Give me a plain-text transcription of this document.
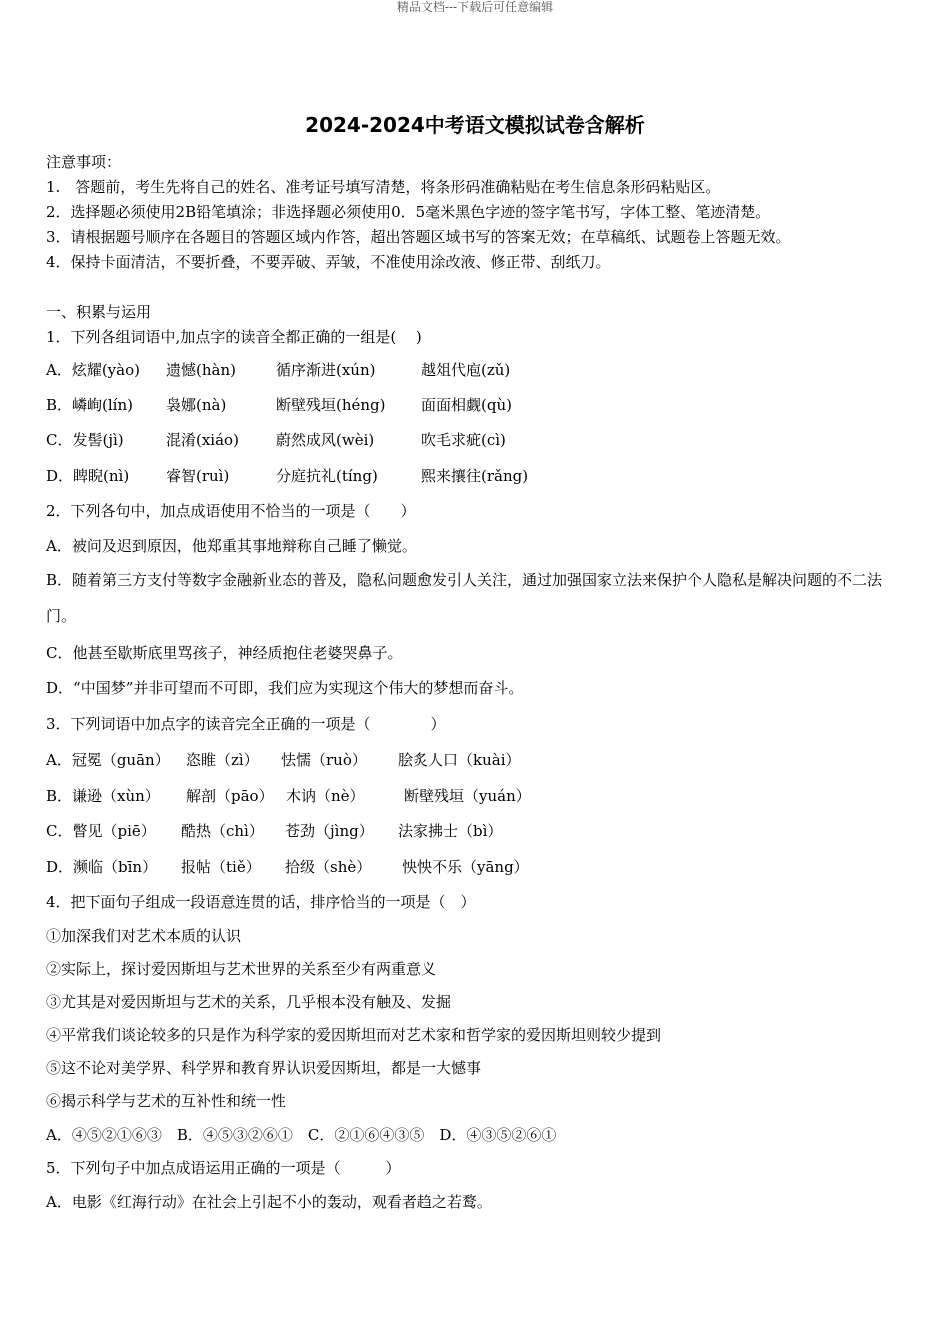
精品文档---下载后可任意编辑
2024-2024中考语文模拟试卷含解析
注意事项：
1.　答题前，考生先将自己的姓名、准考证号填写清楚，将条形码准确粘贴在考生信息条形码粘贴区。
2．选择题必须使用2B铅笔填涂；非选择题必须使用0．5毫米黑色字迹的签字笔书写，字体工整、笔迹清楚。
3．请根据题号顺序在各题目的答题区域内作答，超出答题区域书写的答案无效；在草稿纸、试题卷上答题无效。
4．保持卡面清洁，不要折叠，不要弄破、弄皱，不准使用涂改液、修正带、刮纸刀。
一、积累与运用
1．下列各组词语中,加点字的读音全都正确的一组是(　 )
A．炫耀(yào) 遗憾(hàn)	循序渐进(xún)	越俎代庖(zǔ)
B．嶙峋(lín) 袅娜(nà)	断壁残垣(héng) 面面相觑(qù)
C．发髻(jì)	混淆(xiáo) 蔚然成风(wèi)	吹毛求疵(cì)
D．睥睨(nì) 睿智(ruì)	分庭抗礼(tíng)	熙来攘往(rǎng)
2．下列各句中，加点成语使用不恰当的一项是（　　）
A．被问及迟到原因，他郑重其事地辩称自己睡了懒觉。
B．随着第三方支付等数字金融新业态的普及，隐私问题愈发引人关注，通过加强国家立法来保护个人隐私是解决问题的不二法门。
C．他甚至歇斯底里骂孩子，神经质抱住老婆哭鼻子。
D．“中国梦”并非可望而不可即，我们应为实现这个伟大的梦想而奋斗。
3．下列词语中加点字的读音完全正确的一项是（　　　　）
A．冠冕（guān） 恣睢（zì） 怯懦（ruò） 脍炙人口（kuài）
B．谦逊（xùn） 解剖（pāo） 木讷（nè）	断壁残垣（yuán）
C．瞥见（piē） 酷热（chì） 苍劲（jìng） 法家拂士（bì）
D．濒临（bīn） 报帖（tiě） 拾级（shè） 怏怏不乐（yāng）
4．把下面句子组成一段语意连贯的话，排序恰当的一项是（　）
①加深我们对艺术本质的认识
②实际上，探讨爱因斯坦与艺术世界的关系至少有两重意义
③尤其是对爱因斯坦与艺术的关系，几乎根本没有触及、发掘
④平常我们谈论较多的只是作为科学家的爱因斯坦而对艺术家和哲学家的爱因斯坦则较少提到
⑤这不论对美学界、科学界和教育界认识爱因斯坦，都是一大憾事
⑥揭示科学与艺术的互补性和统一性
A．④⑤②①⑥③　B．④⑤③②⑥①　C．②①⑥④③⑤　D．④③⑤②⑥①
5．下列句子中加点成语运用正确的一项是（　　　）
A．电影《红海行动》在社会上引起不小的轰动，观看者趋之若鹜。
